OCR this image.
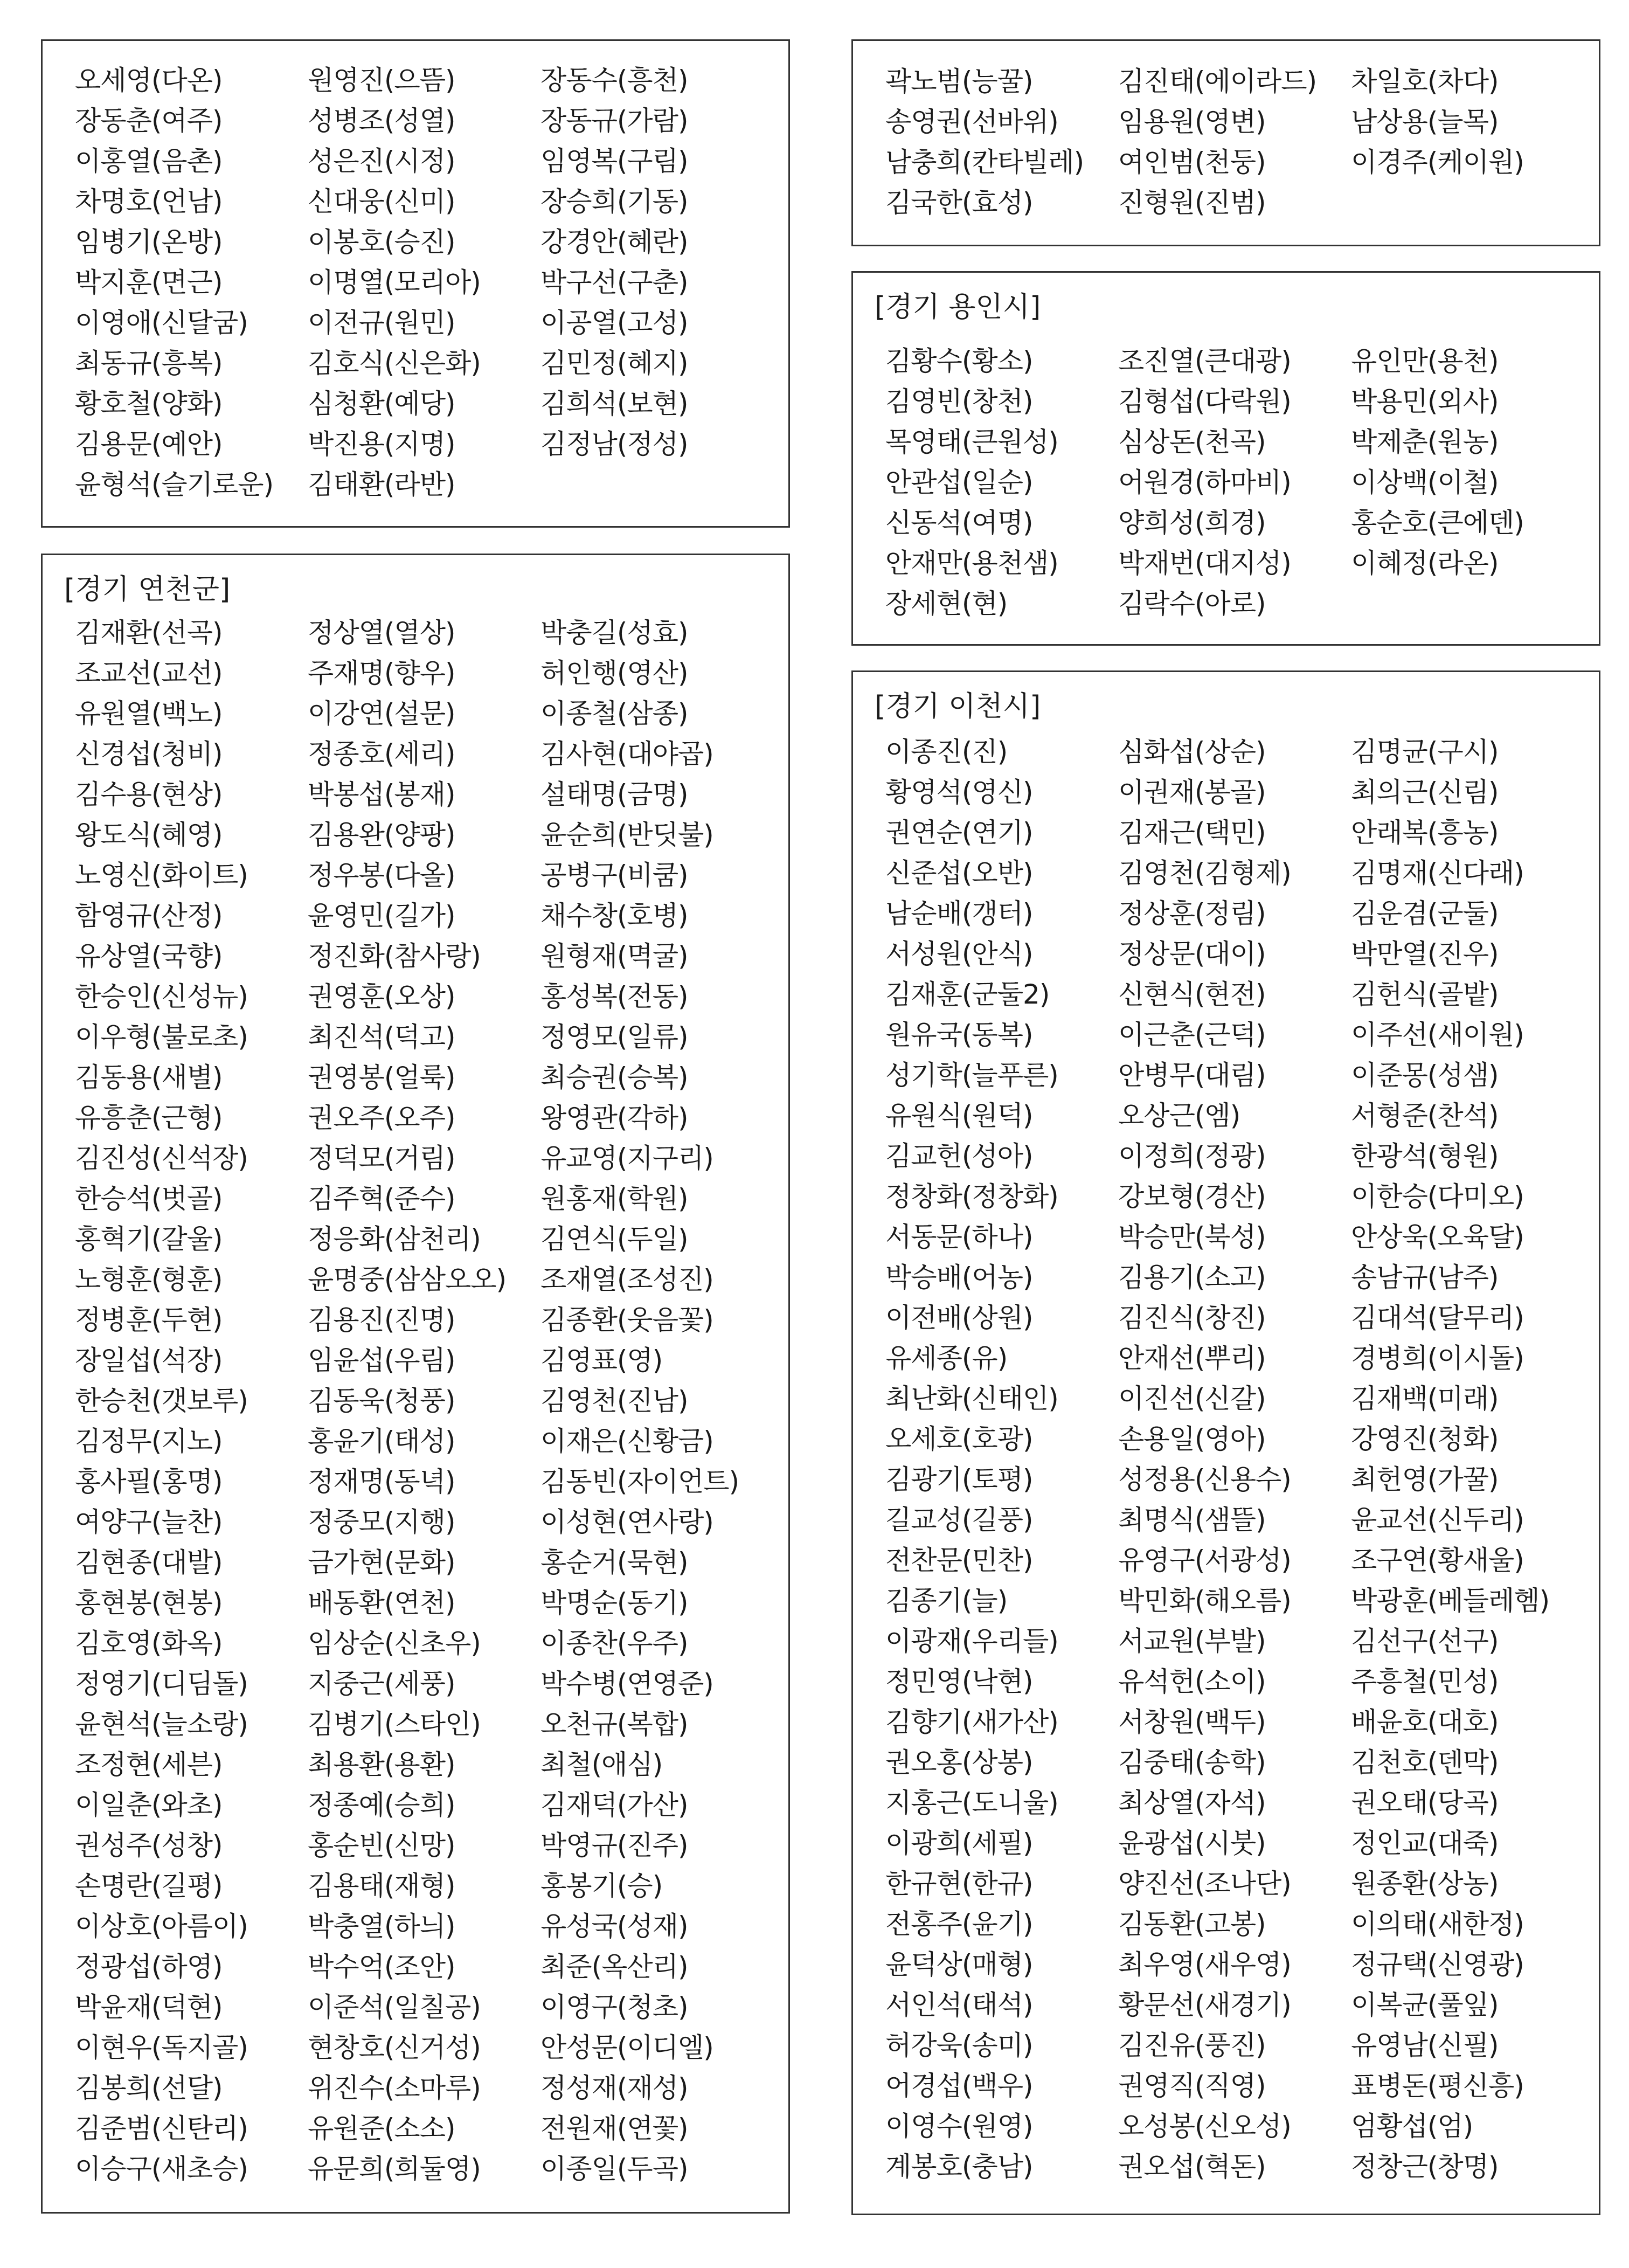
오세영(다온)	원영진(으뜸)	장동수(흥천)
장동춘(여주)	성병조(성열)	장동규(가람)
이홍열(음촌)	성은진(시정)	임영복(구림)
차명호(언남)	신대웅(신미)	장승희(기동)
임병기(온방)	이봉호(승진)	강경안(혜란)
박지훈(면근)	이명열(모리아)	박구선(구춘)
이영애(신달굼)	이전규(원민)	이공열(고성)
최동규(흥복)	김호식(신은화)	김민정(혜지)
황호철(양화)	심청환(예당)	김희석(보현)
김용문(예안)	박진용(지명)	김정남(정성)
윤형석(슬기로운)	김태환(라반)
[경기 연천군]
김재환(선곡)	정상열(열상)	박충길(성효)
조교선(교선)	주재명(향우)	허인행(영산)
유원열(백노)	이강연(설문)	이종철(삼종)
신경섭(청비)	정종호(세리)	김사현(대야곱)
김수용(현상)	박봉섭(봉재)	설태명(금명)
왕도식(혜영)	김용완(양팡)	윤순희(반딧불)
노영신(화이트)	정우봉(다올)	공병구(비쿰)
함영규(산정)	윤영민(길가)	채수창(호병)
유상열(국향)	정진화(참사랑)	원형재(멱굴)
한승인(신성뉴)	권영훈(오상)	홍성복(전동)
이우형(불로초)	최진석(덕고)	정영모(일류)
김동용(새별)	권영봉(얼룩)	최승권(승복)
유흥춘(근형)	권오주(오주)	왕영관(각하)
김진성(신석장)	정덕모(거림)	유교영(지구리)
한승석(벗골)	김주혁(준수)	원홍재(학원)
홍혁기(갈울)	정응화(삼천리)	김연식(두일)
노형훈(형훈)	윤명중(삼삼오오)	조재열(조성진)
정병훈(두현)	김용진(진명)	김종환(웃음꽃)
장일섭(석장)	임윤섭(우림)	김영표(영)
한승천(갯보루)	김동욱(청풍)	김영천(진남)
김정무(지노)	홍윤기(태성)	이재은(신황금)
홍사필(홍명)	정재명(동녁)	김동빈(자이언트)
여양구(늘찬)	정중모(지행)	이성현(연사랑)
김현종(대발)	금가현(문화)	홍순거(묵현)
홍현봉(현봉)	배동환(연천)	박명순(동기)
김호영(화옥)	임상순(신초우)	이종찬(우주)
정영기(디딤돌)	지중근(세풍)	박수병(연영준)
윤현석(늘소랑)	김병기(스타인)	오천규(복합)
조정현(세븐)	최용환(용환)	최철(애심)
이일춘(와초)	정종예(승희)	김재덕(가산)
권성주(성창)	홍순빈(신망)	박영규(진주)
손명란(길평)	김용태(재형)	홍봉기(승)
이상호(아름이)	박충열(하늬)	유성국(성재)
정광섭(하영)	박수억(조안)	최준(옥산리)
박윤재(덕현)	이준석(일칠공)	이영구(청초)
이현우(독지골)	현창호(신거성)	안성문(이디엘)
김봉희(선달)	위진수(소마루)	정성재(재성)
김준범(신탄리)	유원준(소소)	전원재(연꽃)
이승구(새초승)	유문희(희둘영)	이종일(두곡)
곽노범(능꿀)	김진태(에이라드)	차일호(차다)
송영권(선바위)	임용원(영변)	남상용(늘목)
남충희(칸타빌레)	여인범(천둥)	이경주(케이원)
김국한(효성)	진형원(진범)
[경기 용인시]
김황수(황소)	조진열(큰대광)	유인만(용천)
김영빈(창천)	김형섭(다락원)	박용민(외사)
목영태(큰원성)	심상돈(천곡)	박제춘(원농)
안관섭(일순)	어원경(하마비)	이상백(이철)
신동석(여명)	양희성(희경)	홍순호(큰에덴)
안재만(용천샘)	박재번(대지성)	이혜정(라온)
장세현(현)	김락수(아로)
[경기 이천시]
이종진(진)	심화섭(상순)	김명균(구시)
황영석(영신)	이권재(봉골)	최의근(신림)
권연순(연기)	김재근(택민)	안래복(흥농)
신준섭(오반)	김영천(김형제)	김명재(신다래)
남순배(갱터)	정상훈(정림)	김운겸(군둘)
서성원(안식)	정상문(대이)	박만열(진우)
김재훈(군둘2)	신현식(현전)	김헌식(골밭)
원유국(동복)	이근춘(근덕)	이주선(새이원)
성기학(늘푸른)	안병무(대림)	이준몽(성샘)
유원식(원덕)	오상근(엠)	서형준(찬석)
김교헌(성아)	이정희(정광)	한광석(형원)
정창화(정창화)	강보형(경산)	이한승(다미오)
서동문(하나)	박승만(북성)	안상욱(오육달)
박승배(어농)	김용기(소고)	송남규(남주)
이전배(상원)	김진식(창진)	김대석(달무리)
유세종(유)	안재선(뿌리)	경병희(이시돌)
최난화(신태인)	이진선(신갈)	김재백(미래)
오세호(호광)	손용일(영아)	강영진(청화)
김광기(토평)	성정용(신용수)	최헌영(가꿀)
길교성(길풍)	최명식(샘뜰)	윤교선(신두리)
전찬문(민찬)	유영구(서광성)	조구연(황새울)
김종기(늘)	박민화(해오름)	박광훈(베들레헴)
이광재(우리들)	서교원(부발)	김선구(선구)
정민영(낙현)	유석헌(소이)	주흥철(민성)
김향기(새가산)	서창원(백두)	배윤호(대호)
권오홍(상봉)	김중태(송학)	김천호(덴막)
지홍근(도니울)	최상열(자석)	권오태(당곡)
이광희(세필)	윤광섭(시붓)	정인교(대죽)
한규현(한규)	양진선(조나단)	원종환(상농)
전홍주(윤기)	김동환(고봉)	이의태(새한정)
윤덕상(매형)	최우영(새우영)	정규택(신영광)
서인석(태석)	황문선(새경기)	이복균(풀잎)
허강욱(송미)	김진유(풍진)	유영남(신필)
어경섭(백우)	권영직(직영)	표병돈(평신흥)
이영수(원영)	오성봉(신오성)	엄황섭(엄)
계봉호(충남)	권오섭(혁돈)	정창근(창명)
